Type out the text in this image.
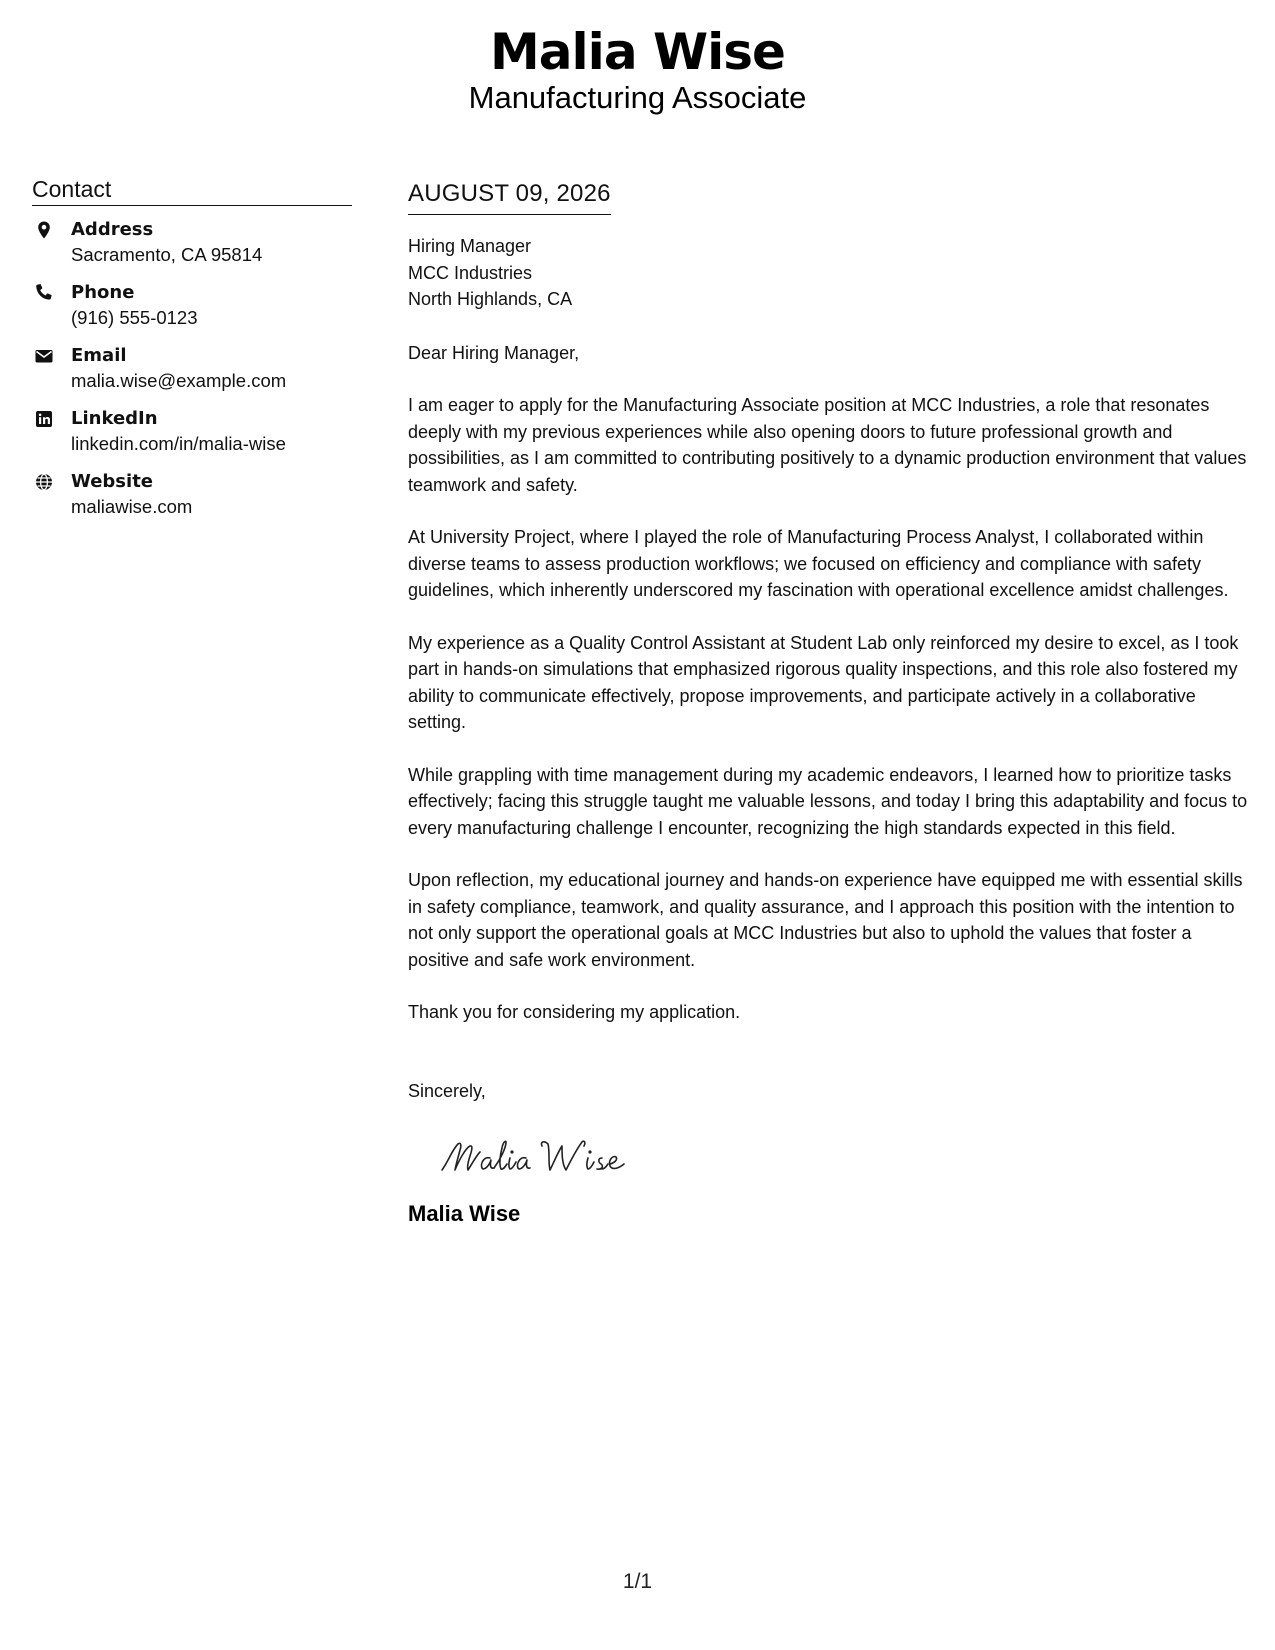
Malia Wise
Manufacturing Associate
Contact
Address
Sacramento, CA 95814
Phone
(916) 555-0123
Email
malia.wise@example.com
LinkedIn
linkedin.com/in/malia-wise
Website
maliawise.com
AUGUST 09, 2026
Hiring Manager
MCC Industries
North Highlands, CA
Dear Hiring Manager,
I am eager to apply for the Manufacturing Associate position at MCC Industries, a role that resonates deeply with my previous experiences while also opening doors to future professional growth and possibilities, as I am committed to contributing positively to a dynamic production environment that values teamwork and safety.
At University Project, where I played the role of Manufacturing Process Analyst, I collaborated within diverse teams to assess production workflows; we focused on efficiency and compliance with safety guidelines, which inherently underscored my fascination with operational excellence amidst challenges.
My experience as a Quality Control Assistant at Student Lab only reinforced my desire to excel, as I took part in hands-on simulations that emphasized rigorous quality inspections, and this role also fostered my ability to communicate effectively, propose improvements, and participate actively in a collaborative setting.
While grappling with time management during my academic endeavors, I learned how to prioritize tasks effectively; facing this struggle taught me valuable lessons, and today I bring this adaptability and focus to every manufacturing challenge I encounter, recognizing the high standards expected in this field.
Upon reflection, my educational journey and hands-on experience have equipped me with essential skills in safety compliance, teamwork, and quality assurance, and I approach this position with the intention to not only support the operational goals at MCC Industries but also to uphold the values that foster a positive and safe work environment.
Thank you for considering my application.
Sincerely,
Malia Wise
1/1
